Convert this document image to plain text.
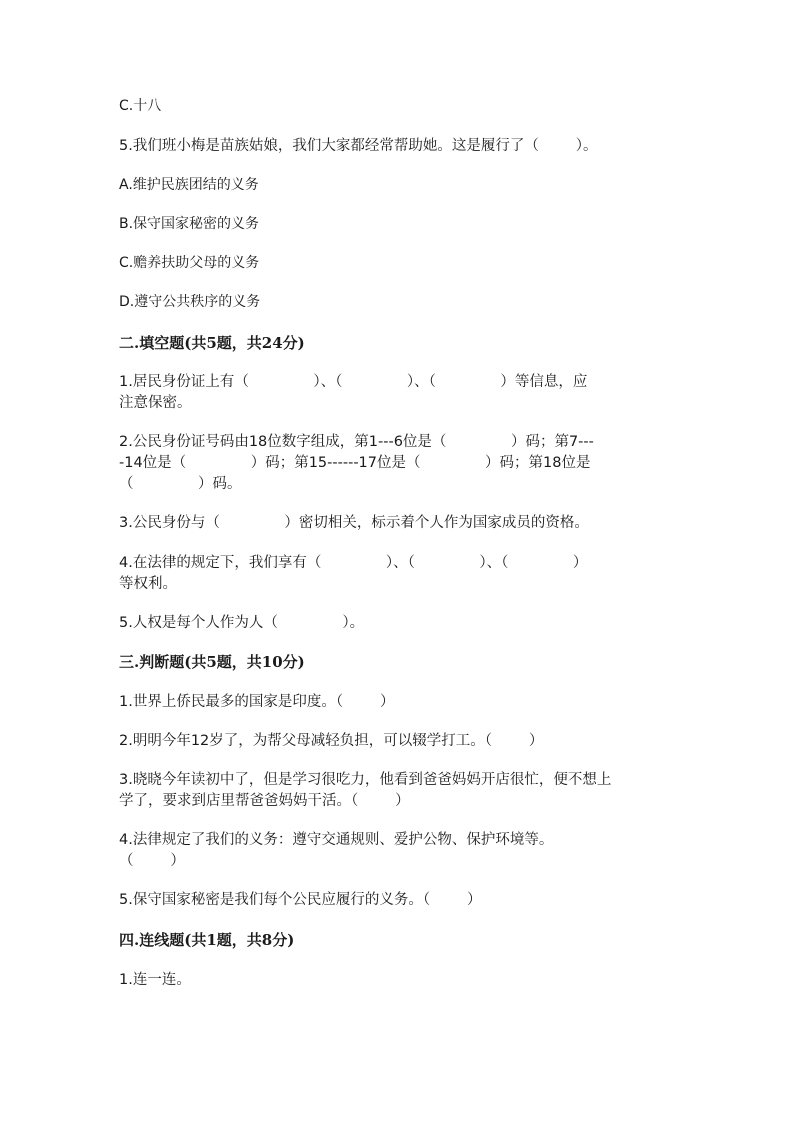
C.十八
5.我们班小梅是苗族姑娘，我们大家都经常帮助她。这是履行了（        ）。
A.维护民族团结的义务
B.保守国家秘密的义务
C.赡养扶助父母的义务
D.遵守公共秩序的义务
二.填空题(共5题，共24分)
1.居民身份证上有（              ）、（              ）、（              ）等信息，应
注意保密。
2.公民身份证号码由18位数字组成，第1---6位是（              ）码；第7---
-14位是（              ）码；第15------17位是（              ）码；第18位是
（              ）码。
3.公民身份与（              ）密切相关，标示着个人作为国家成员的资格。
4.在法律的规定下，我们享有（              ）、（              ）、（              ）
等权利。
5.人权是每个人作为人（              ）。
三.判断题(共5题，共10分)
1.世界上侨民最多的国家是印度。（        ）
2.明明今年12岁了，为帮父母减轻负担，可以辍学打工。（        ）
3.晓晓今年读初中了，但是学习很吃力，他看到爸爸妈妈开店很忙，便不想上
学了，要求到店里帮爸爸妈妈干活。（        ）
4.法律规定了我们的义务：遵守交通规则、爱护公物、保护环境等。
（        ）
5.保守国家秘密是我们每个公民应履行的义务。（        ）
四.连线题(共1题，共8分)
1.连一连。
